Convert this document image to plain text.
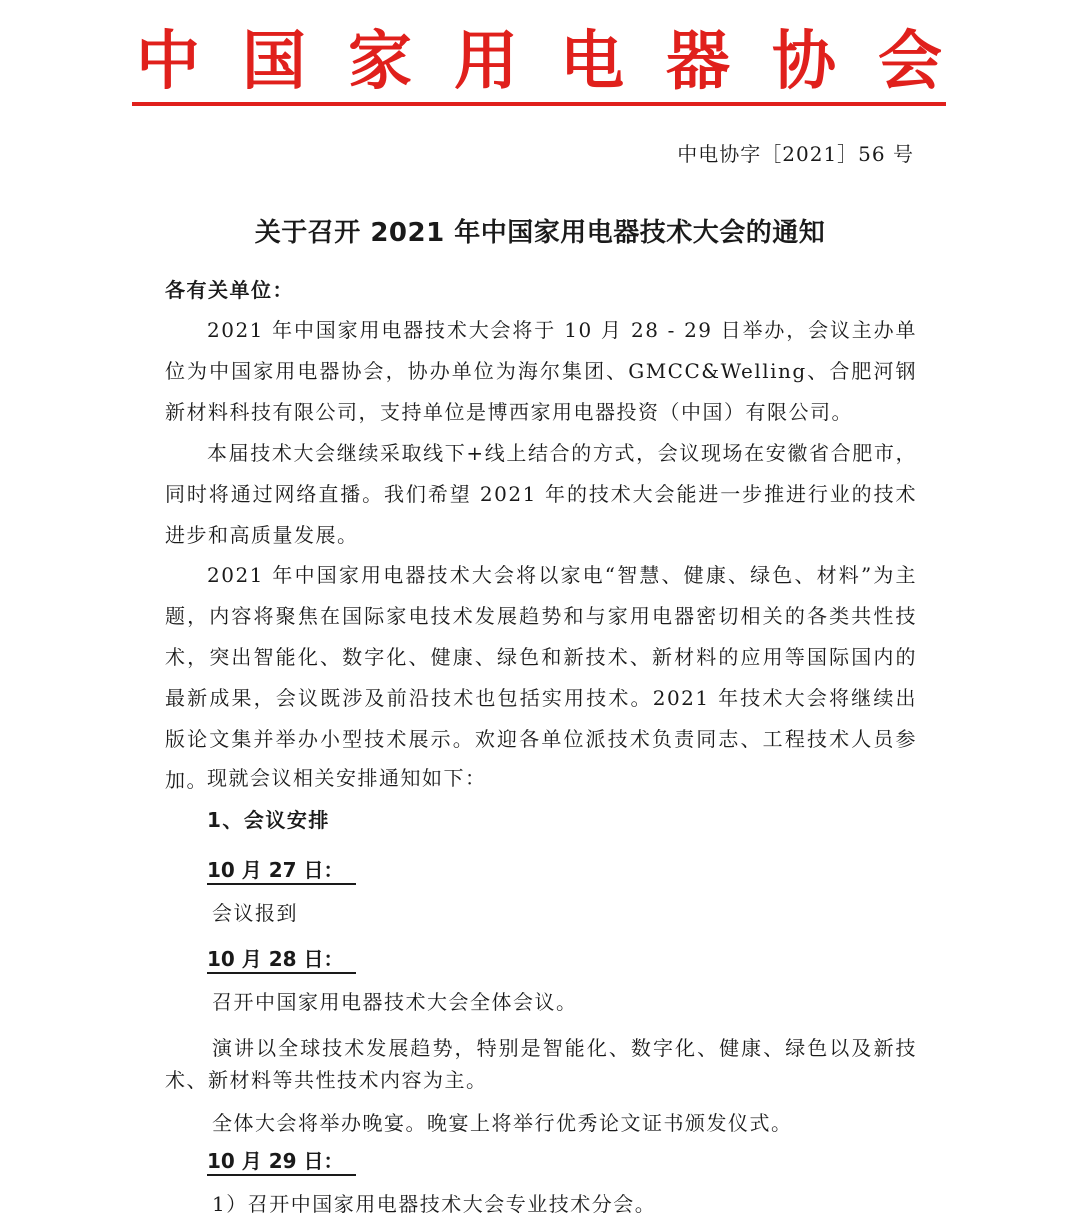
中 国 家 用 电 器 协 会
中电协字［2021］56 号
关于召开 2021 年中国家用电器技术大会的通知
各有关单位：
2021 年中国家用电器技术大会将于 10 月 28 - 29 日举办，会议主办单位为中国家用电器协会，协办单位为海尔集团、GMCC&Welling、合肥河钢新材料科技有限公司，支持单位是博西家用电器投资（中国）有限公司。
本届技术大会继续采取线下+线上结合的方式，会议现场在安徽省合肥市，同时将通过网络直播。我们希望 2021 年的技术大会能进一步推进行业的技术进步和高质量发展。
2021 年中国家用电器技术大会将以家电“智慧、健康、绿色、材料”为主题，内容将聚焦在国际家电技术发展趋势和与家用电器密切相关的各类共性技术，突出智能化、数字化、健康、绿色和新技术、新材料的应用等国际国内的最新成果，会议既涉及前沿技术也包括实用技术。2021 年技术大会将继续出版论文集并举办小型技术展示。欢迎各单位派技术负责同志、工程技术人员参加。 现就会议相关安排通知如下：
1、会议安排
10 月 27 日：
会议报到
10 月 28 日：
召开中国家用电器技术大会全体会议。
演讲以全球技术发展趋势，特别是智能化、数字化、健康、绿色以及新技术、新材料等共性技术内容为主。
全体大会将举办晚宴。晚宴上将举行优秀论文证书颁发仪式。
10 月 29 日：
1）召开中国家用电器技术大会专业技术分会。
